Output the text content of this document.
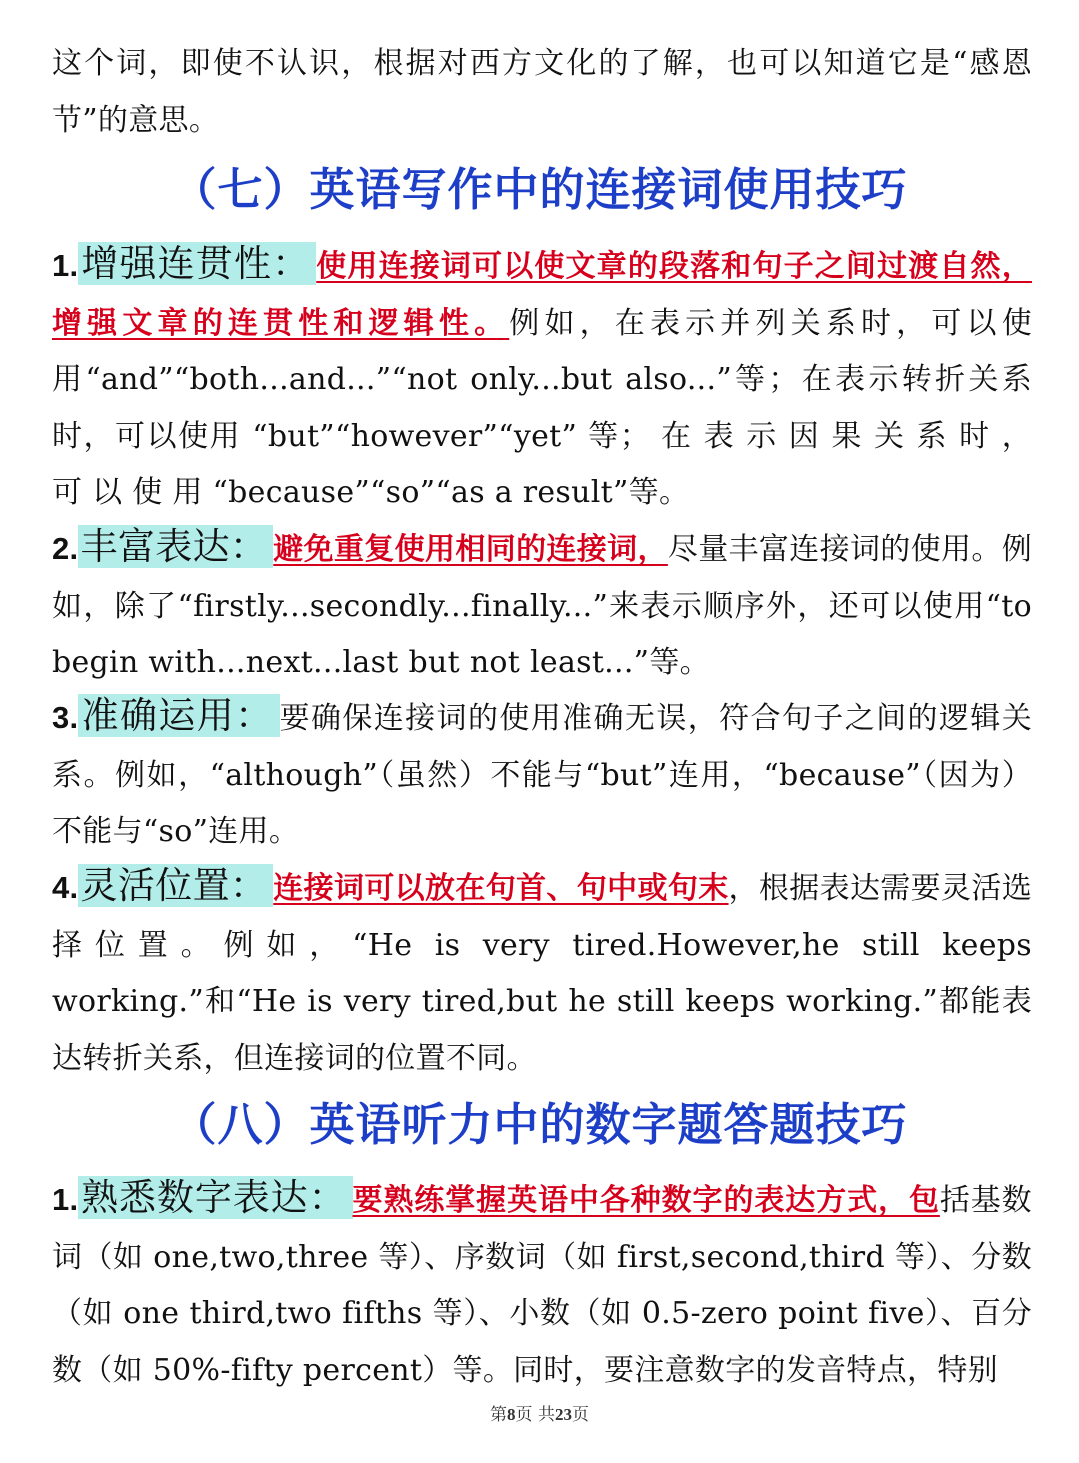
这个词，即使不认识，根据对西方文化的了解，也可以知道它是“感恩节”的意思。

（七）英语写作中的连接词使用技巧

1.增强连贯性： 使用连接词可以使文章的段落和句子之间过渡自然，增强文章的连贯性和逻辑性。例如，在表示并列关系时，可以使用“and”“both...and...”“not only...but also...”等；在表示转折关系时，可以使用 “but”“however”“yet” 等； 在 表 示 因 果 关 系 时 ， 可 以 使 用 “because”“so”“as a result”等。

2.丰富表达： 避免重复使用相同的连接词，尽量丰富连接词的使用。例如，除了“firstly...secondly...finally...”来表示顺序外，还可以使用“to begin with...next...last but not least...”等。

3.准确运用： 要确保连接词的使用准确无误，符合句子之间的逻辑关系。例如，“although”（虽然）不能与“but”连用，“because”（因为）不能与“so”连用。

4.灵活位置： 连接词可以放在句首、句中或句末，根据表达需要灵活选择位置。例如，“He is very tired.However,he still keeps working.”和“He is very tired,but he still keeps working.”都能表达转折关系，但连接词的位置不同。

（八）英语听力中的数字题答题技巧

1.熟悉数字表达： 要熟练掌握英语中各种数字的表达方式，包括基数词（如 one,two,three 等）、序数词（如 first,second,third 等）、分数（如 one third,two fifths 等）、小数（如 0.5-zero point five）、百分数（如 50%-fifty percent）等。同时，要注意数字的发音特点，特别

第8页 共23页
